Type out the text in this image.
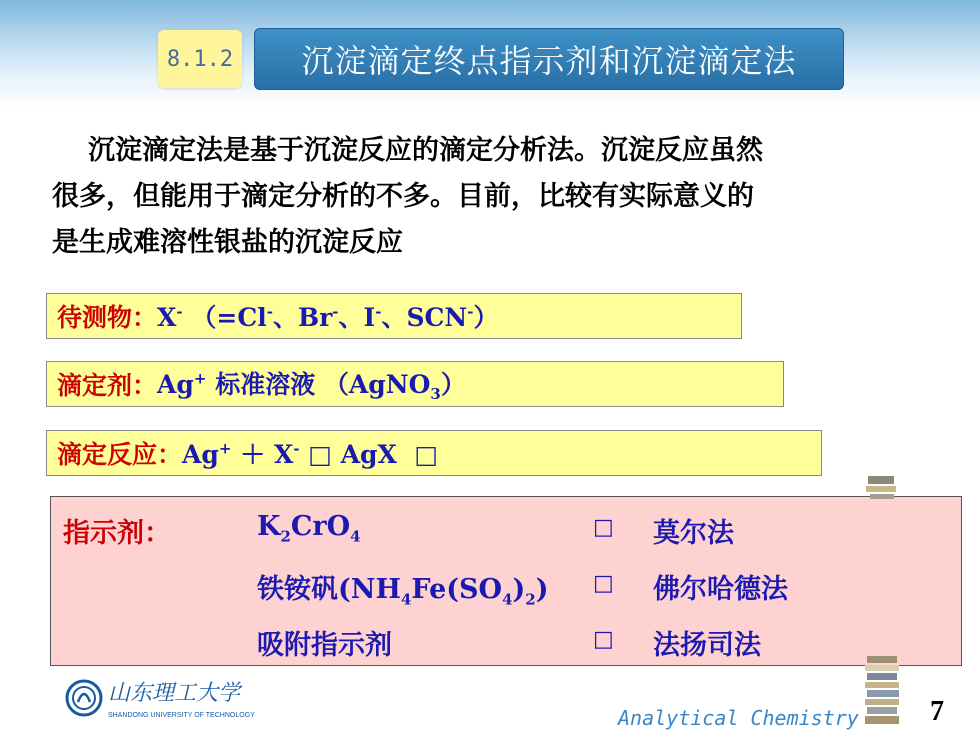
8.1.2	沉淀滴定终点指示剂和沉淀滴定法
沉淀滴定法是基于沉淀反应的滴定分析法。沉淀反应虽然
很多，但能用于滴定分析的不多。目前，比较有实际意义的
是生成难溶性银盐的沉淀反应
待测物： X- （=Cl-、Br-、I-、SCN-）
滴定剂： Ag+ 标准溶液 （AgNO$_3$）
滴定反应： Ag+ ＋ X- □ AgX □
指示剂：	$K_2CrO_4$	□ 莫尔法
铁铵矾$(NH_4Fe(SO_4)_2)$ □ 佛尔哈德法
吸附指示剂	□ 法扬司法
山东理工大学
SHANDONG UNIVERSITY OF TECHNOLOGY	Analytical Chemistry	7
